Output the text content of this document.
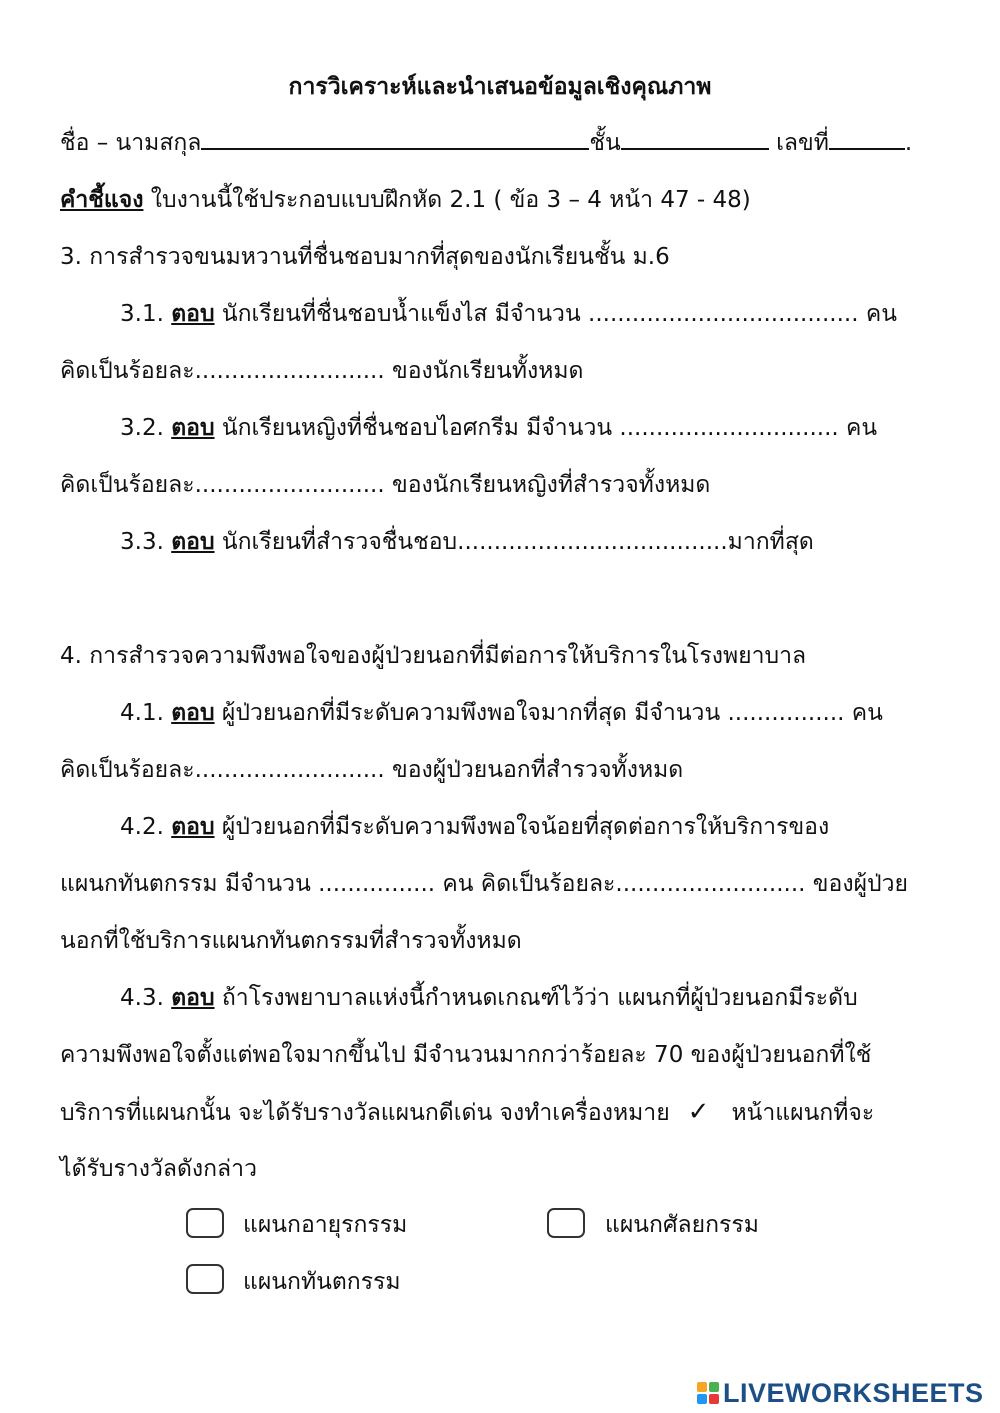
การวิเคราะห์และนำเสนอข้อมูลเชิงคุณภาพ
ชื่อ – นามสกุล	ชั้น	เลขที่	.
คำชี้แจง ใบงานนี้ใช้ประกอบแบบฝึกหัด 2.1 ( ข้อ 3 – 4 หน้า 47 - 48)
3. การสำรวจขนมหวานที่ชื่นชอบมากที่สุดของนักเรียนชั้น ม.6
3.1. ตอบ นักเรียนที่ชื่นชอบน้ำแข็งไส มีจำนวน ..................................... คน
คิดเป็นร้อยละ.......................... ของนักเรียนทั้งหมด
3.2. ตอบ นักเรียนหญิงที่ชื่นชอบไอศกรีม มีจำนวน .............................. คน
คิดเป็นร้อยละ.......................... ของนักเรียนหญิงที่สำรวจทั้งหมด
3.3. ตอบ นักเรียนที่สำรวจชื่นชอบ.....................................มากที่สุด
4. การสำรวจความพึงพอใจของผู้ป่วยนอกที่มีต่อการให้บริการในโรงพยาบาล
4.1. ตอบ ผู้ป่วยนอกที่มีระดับความพึงพอใจมากที่สุด มีจำนวน ................ คน
คิดเป็นร้อยละ.......................... ของผู้ป่วยนอกที่สำรวจทั้งหมด
4.2. ตอบ ผู้ป่วยนอกที่มีระดับความพึงพอใจน้อยที่สุดต่อการให้บริการของ
แผนกทันตกรรม มีจำนวน ................ คน คิดเป็นร้อยละ.......................... ของผู้ป่วย
นอกที่ใช้บริการแผนกทันตกรรมที่สำรวจทั้งหมด
4.3. ตอบ ถ้าโรงพยาบาลแห่งนี้กำหนดเกณฑ์ไว้ว่า แผนกที่ผู้ป่วยนอกมีระดับ
ความพึงพอใจตั้งแต่พอใจมากขึ้นไป มีจำนวนมากกว่าร้อยละ 70 ของผู้ป่วยนอกที่ใช้
บริการที่แผนกนั้น จะได้รับรางวัลแผนกดีเด่น จงทำเครื่องหมาย ✓ หน้าแผนกที่จะ
ได้รับรางวัลดังกล่าว
แผนกอายุรกรรม	แผนกศัลยกรรม
แผนกทันตกรรม
LIVEWORKSHEETS
